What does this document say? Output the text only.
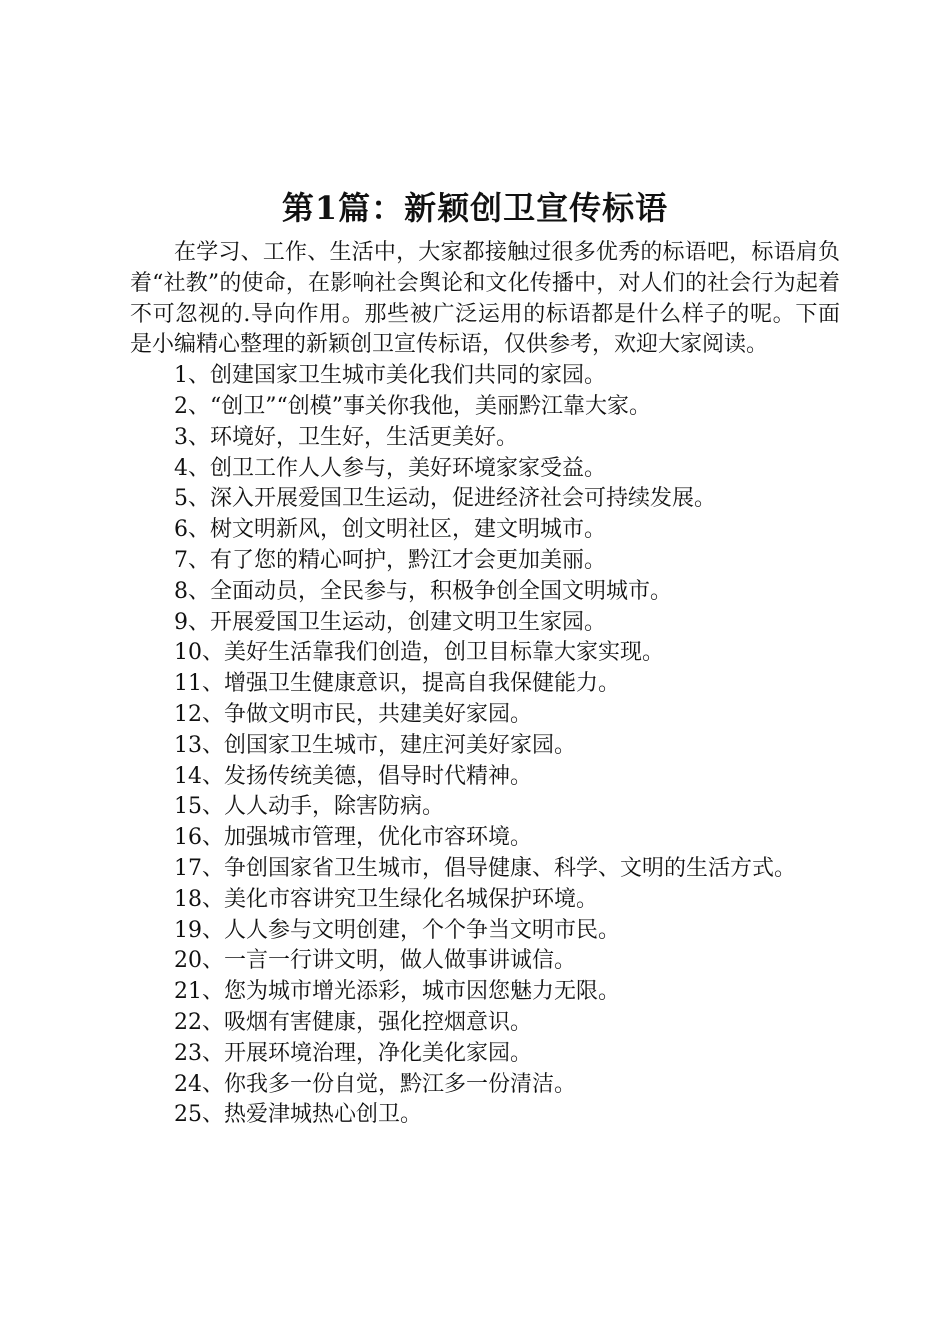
第1篇：新颖创卫宣传标语

在学习、工作、生活中，大家都接触过很多优秀的标语吧，标语肩负着“社教”的使命，在影响社会舆论和文化传播中，对人们的社会行为起着不可忽视的.导向作用。那些被广泛运用的标语都是什么样子的呢。下面是小编精心整理的新颖创卫宣传标语，仅供参考，欢迎大家阅读。

1、创建国家卫生城市美化我们共同的家园。

2、“创卫”“创模”事关你我他，美丽黔江靠大家。

3、环境好，卫生好，生活更美好。

4、创卫工作人人参与，美好环境家家受益。

5、深入开展爱国卫生运动，促进经济社会可持续发展。

6、树文明新风，创文明社区，建文明城市。

7、有了您的精心呵护，黔江才会更加美丽。

8、全面动员，全民参与，积极争创全国文明城市。

9、开展爱国卫生运动，创建文明卫生家园。

10、美好生活靠我们创造，创卫目标靠大家实现。

11、增强卫生健康意识，提高自我保健能力。

12、争做文明市民，共建美好家园。

13、创国家卫生城市，建庄河美好家园。

14、发扬传统美德，倡导时代精神。

15、人人动手，除害防病。

16、加强城市管理，优化市容环境。

17、争创国家省卫生城市，倡导健康、科学、文明的生活方式。

18、美化市容讲究卫生绿化名城保护环境。

19、人人参与文明创建，个个争当文明市民。

20、一言一行讲文明，做人做事讲诚信。

21、您为城市增光添彩，城市因您魅力无限。

22、吸烟有害健康，强化控烟意识。

23、开展环境治理，净化美化家园。

24、你我多一份自觉，黔江多一份清洁。

25、热爱津城热心创卫。
